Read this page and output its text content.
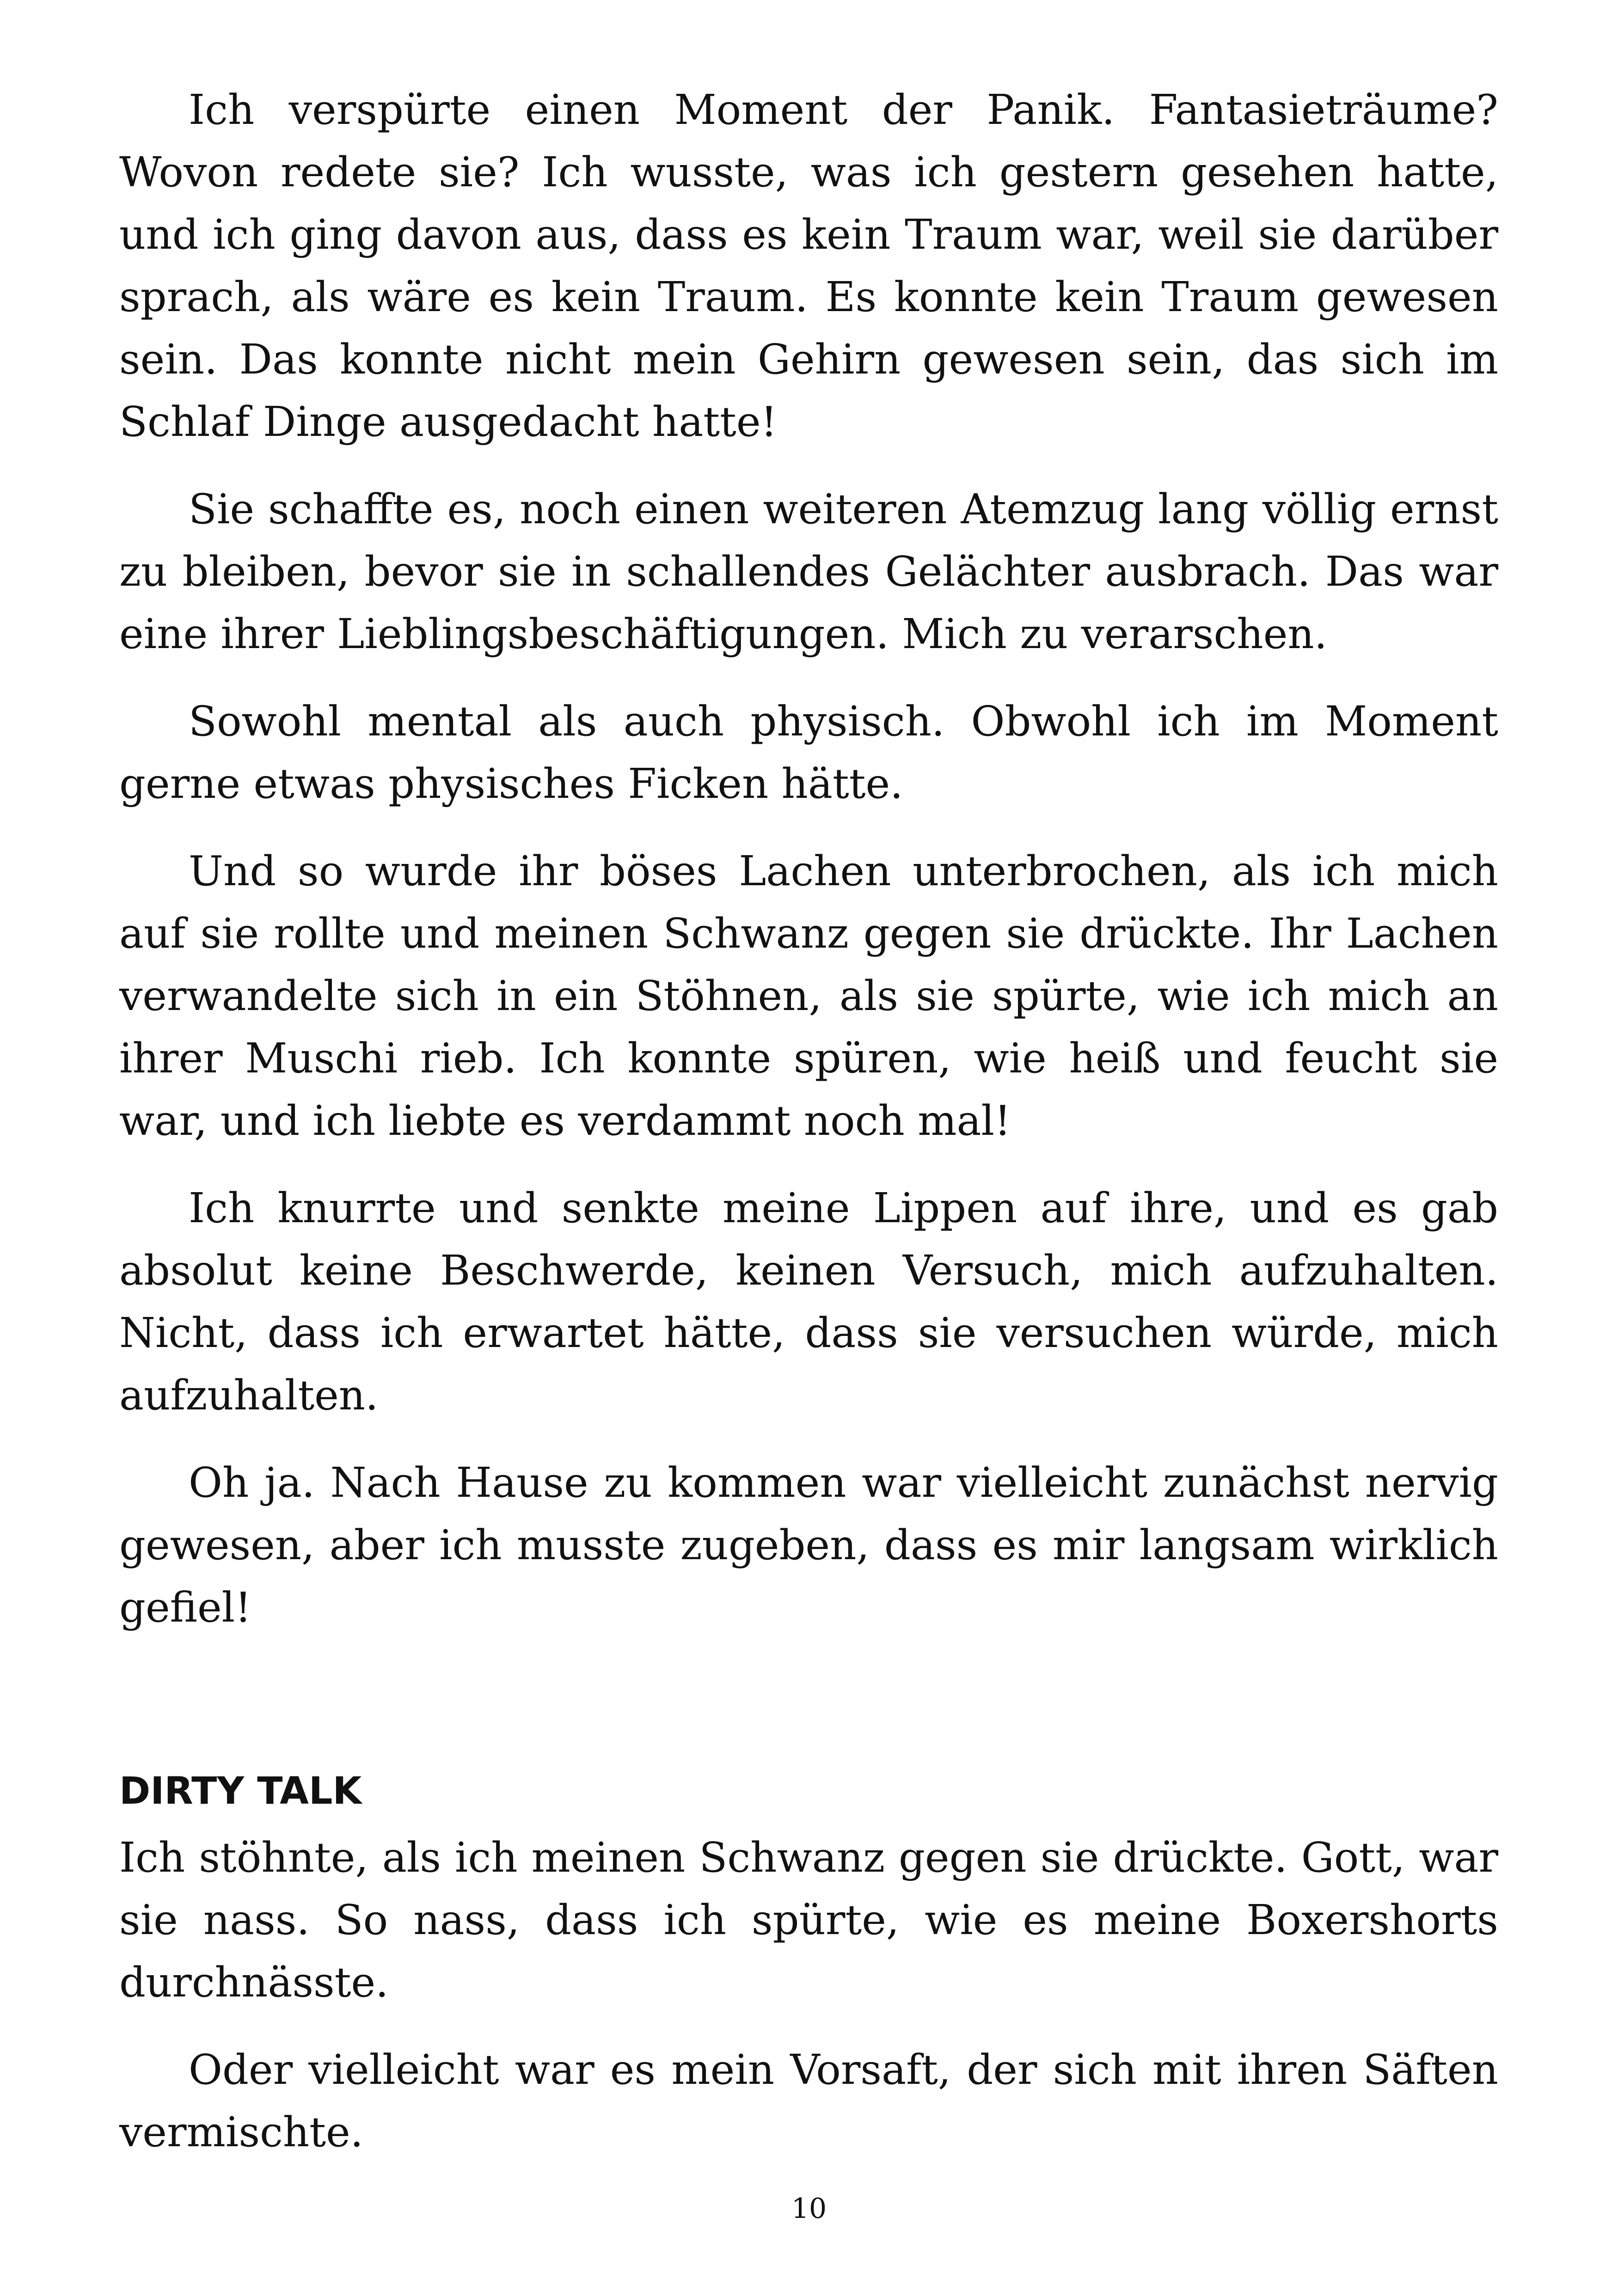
Ich verspürte einen Moment der Panik. Fantasieträume? Wovon redete sie? Ich wusste, was ich gestern gesehen hatte, und ich ging davon aus, dass es kein Traum war, weil sie darüber sprach, als wäre es kein Traum. Es konnte kein Traum gewesen sein. Das konnte nicht mein Gehirn gewesen sein, das sich im Schlaf Dinge ausgedacht hatte!

Sie schaffte es, noch einen weiteren Atemzug lang völlig ernst zu bleiben, bevor sie in schallendes Gelächter ausbrach. Das war eine ihrer Lieblingsbeschäftigungen. Mich zu verarschen.

Sowohl mental als auch physisch. Obwohl ich im Moment gerne etwas physisches Ficken hätte.

Und so wurde ihr böses Lachen unterbrochen, als ich mich auf sie rollte und meinen Schwanz gegen sie drückte. Ihr Lachen verwandelte sich in ein Stöhnen, als sie spürte, wie ich mich an ihrer Muschi rieb. Ich konnte spüren, wie heiß und feucht sie war, und ich liebte es verdammt noch mal!

Ich knurrte und senkte meine Lippen auf ihre, und es gab absolut keine Beschwerde, keinen Versuch, mich aufzuhalten. Nicht, dass ich erwartet hätte, dass sie versuchen würde, mich aufzuhalten.

Oh ja. Nach Hause zu kommen war vielleicht zunächst nervig gewesen, aber ich musste zugeben, dass es mir langsam wirklich gefiel!

DIRTY TALK

Ich stöhnte, als ich meinen Schwanz gegen sie drückte. Gott, war sie nass. So nass, dass ich spürte, wie es meine Boxershorts durchnässte.

Oder vielleicht war es mein Vorsaft, der sich mit ihren Säften vermischte.

10
